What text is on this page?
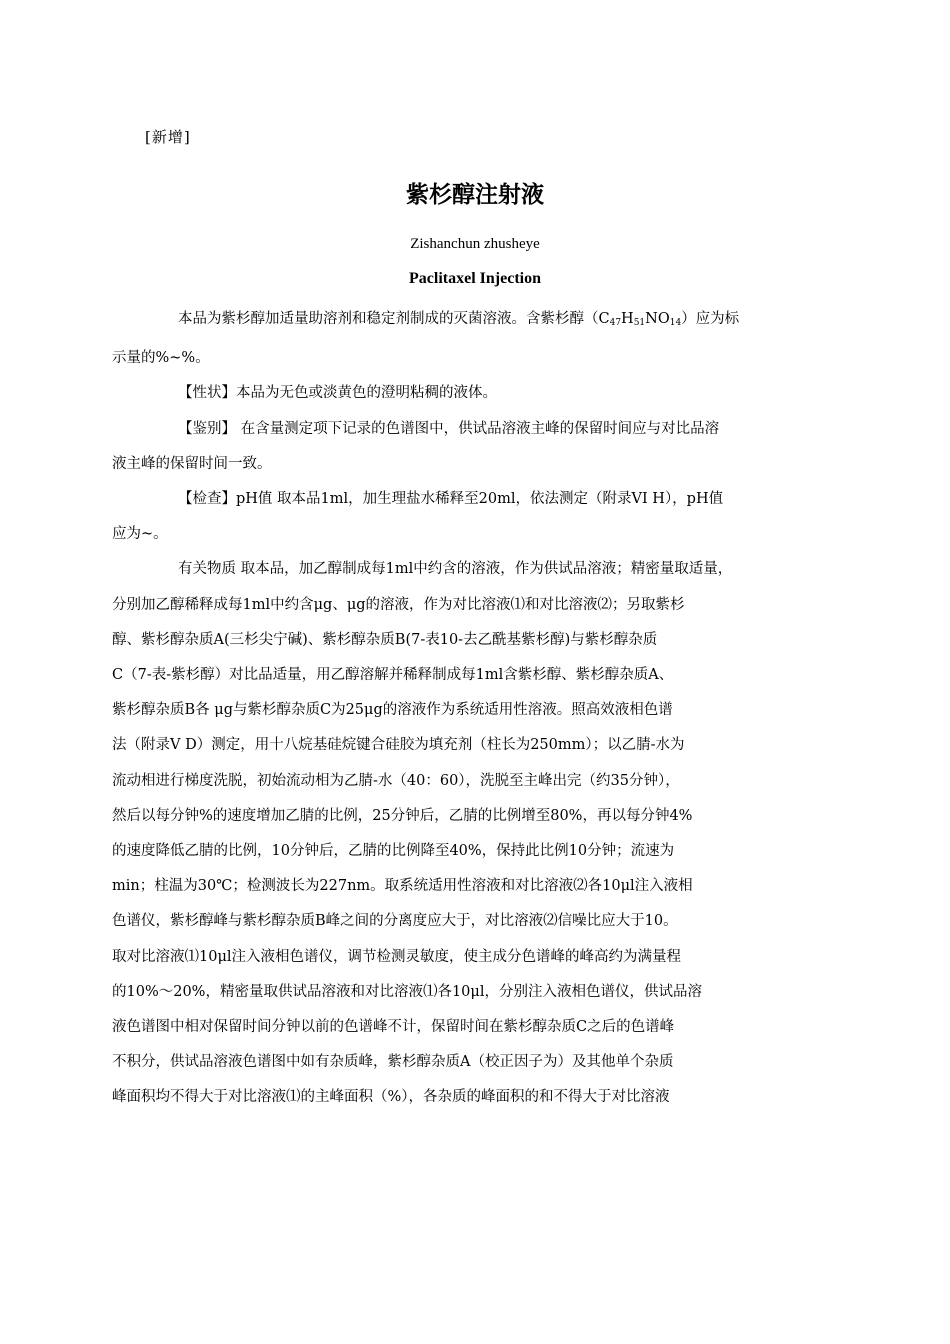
[新增]
紫杉醇注射液
Zishanchun zhusheye
Paclitaxel Injection

本品为紫杉醇加适量助溶剂和稳定剂制成的灭菌溶液。含紫杉醇$(C_{47}H_{51}NO_{14})$应为标
示量的%~%。

【性状】本品为无色或淡黄色的澄明粘稠的液体。

【鉴别】 在含量测定项下记录的色谱图中，供试品溶液主峰的保留时间应与对比品溶
液主峰的保留时间一致。

【检查】pH值 取本品1ml，加生理盐水稀释至20ml，依法测定（附录VI H），pH值
应为~。

有关物质 取本品，加乙醇制成每1ml中约含的溶液，作为供试品溶液；精密量取适量，
分别加乙醇稀释成每1ml中约含μg、μg的溶液，作为对比溶液⑴和对比溶液⑵；另取紫杉
醇、紫杉醇杂质A(三杉尖宁碱)、紫杉醇杂质B(7-表10-去乙酰基紫杉醇)与紫杉醇杂质
C（7-表-紫杉醇）对比品适量，用乙醇溶解并稀释制成每1ml含紫杉醇、紫杉醇杂质A、
紫杉醇杂质B各 μg与紫杉醇杂质C为25μg的溶液作为系统适用性溶液。照高效液相色谱
法（附录V D）测定，用十八烷基硅烷键合硅胶为填充剂（柱长为250mm）；以乙腈-水为
流动相进行梯度洗脱，初始流动相为乙腈-水（40：60），洗脱至主峰出完（约35分钟），
然后以每分钟%的速度增加乙腈的比例，25分钟后，乙腈的比例增至80%，再以每分钟4%
的速度降低乙腈的比例，10分钟后，乙腈的比例降至40%，保持此比例10分钟；流速为
min；柱温为30℃；检测波长为227nm。取系统适用性溶液和对比溶液⑵各10μl注入液相
色谱仪，紫杉醇峰与紫杉醇杂质B峰之间的分离度应大于，对比溶液⑵信噪比应大于10。
取对比溶液⑴10μl注入液相色谱仪，调节检测灵敏度，使主成分色谱峰的峰高约为满量程
的10%～20%，精密量取供试品溶液和对比溶液⑴各10μl，分别注入液相色谱仪，供试品溶
液色谱图中相对保留时间分钟以前的色谱峰不计，保留时间在紫杉醇杂质C之后的色谱峰
不积分，供试品溶液色谱图中如有杂质峰，紫杉醇杂质A（校正因子为）及其他单个杂质
峰面积均不得大于对比溶液⑴的主峰面积（%），各杂质的峰面积的和不得大于对比溶液
